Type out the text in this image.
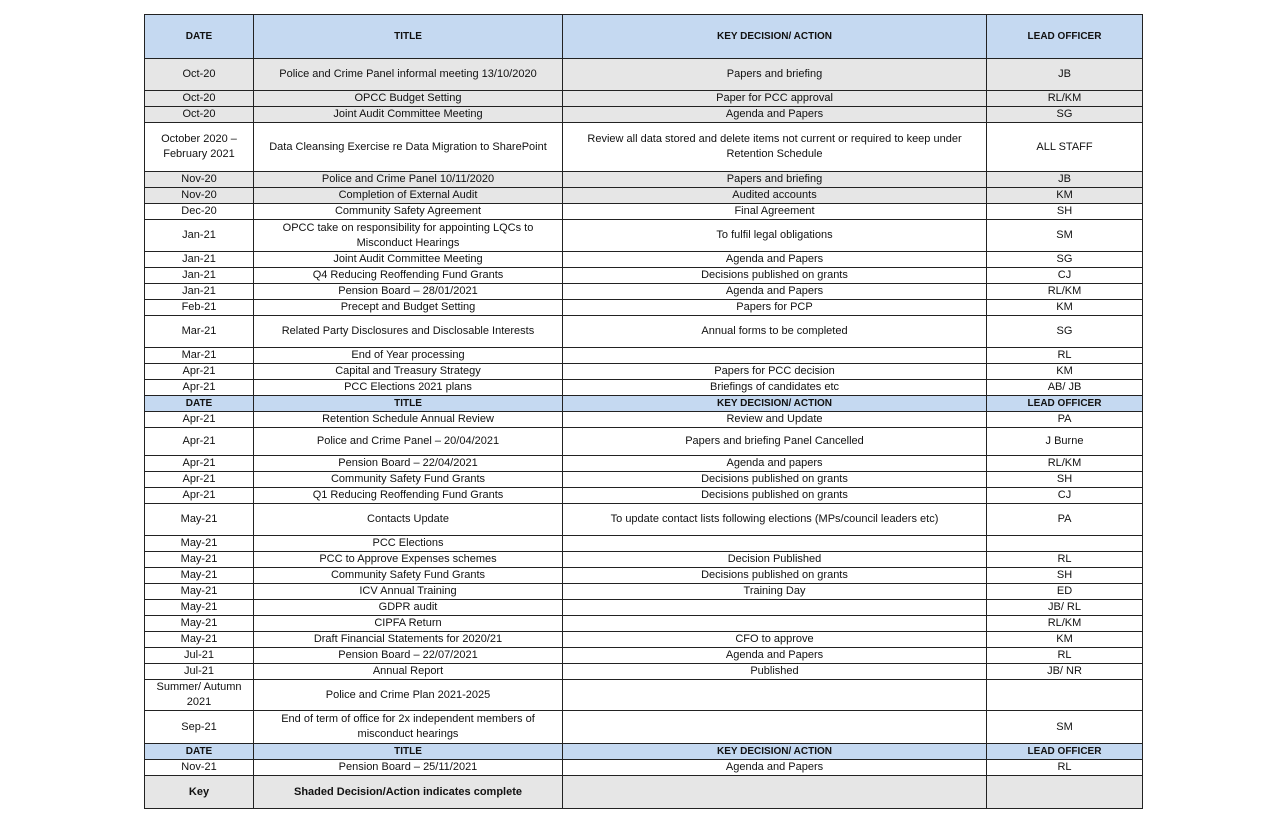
DATE	TITLE	KEY DECISION/ ACTION	LEAD OFFICER
Oct-20	Police and Crime Panel informal meeting 13/10/2020	Papers and briefing	JB
Oct-20	OPCC Budget Setting	Paper for PCC approval	RL/KM
Oct-20	Joint Audit Committee Meeting	Agenda and Papers	SG
October 2020 – February 2021	Data Cleansing Exercise re Data Migration to SharePoint	Review all data stored and delete items not current or required to keep under Retention Schedule	ALL STAFF
Nov-20	Police and Crime Panel 10/11/2020	Papers and briefing	JB
Nov-20	Completion of External Audit	Audited accounts	KM
Dec-20	Community Safety Agreement	Final Agreement	SH
Jan-21	OPCC take on responsibility for appointing LQCs to Misconduct Hearings	To fulfil legal obligations	SM
Jan-21	Joint Audit Committee Meeting	Agenda and Papers	SG
Jan-21	Q4 Reducing Reoffending Fund Grants	Decisions published on grants	CJ
Jan-21	Pension Board – 28/01/2021	Agenda and Papers	RL/KM
Feb-21	Precept and Budget Setting	Papers for PCP	KM
Mar-21	Related Party Disclosures and Disclosable Interests	Annual forms to be completed	SG
Mar-21	End of Year processing		RL
Apr-21	Capital and Treasury Strategy	Papers for PCC decision	KM
Apr-21	PCC Elections 2021 plans	Briefings of candidates etc	AB/ JB
DATE	TITLE	KEY DECISION/ ACTION	LEAD OFFICER
Apr-21	Retention Schedule Annual Review	Review and Update	PA
Apr-21	Police and Crime Panel – 20/04/2021	Papers and briefing Panel Cancelled	J Burne
Apr-21	Pension Board – 22/04/2021	Agenda and papers	RL/KM
Apr-21	Community Safety Fund Grants	Decisions published on grants	SH
Apr-21	Q1 Reducing Reoffending Fund Grants	Decisions published on grants	CJ
May-21	Contacts Update	To update contact lists following elections (MPs/council leaders etc)	PA
May-21	PCC Elections		
May-21	PCC to Approve Expenses schemes	Decision Published	RL
May-21	Community Safety Fund Grants	Decisions published on grants	SH
May-21	ICV Annual Training	Training Day	ED
May-21	GDPR audit		JB/ RL
May-21	CIPFA Return		RL/KM
May-21	Draft Financial Statements for 2020/21	CFO to approve	KM
Jul-21	Pension Board – 22/07/2021	Agenda and Papers	RL
Jul-21	Annual Report	Published	JB/ NR
Summer/ Autumn 2021	Police and Crime Plan 2021-2025		
Sep-21	End of term of office for 2x independent members of misconduct hearings		SM
DATE	TITLE	KEY DECISION/ ACTION	LEAD OFFICER
Nov-21	Pension Board – 25/11/2021	Agenda and Papers	RL
Key	Shaded Decision/Action indicates complete		
